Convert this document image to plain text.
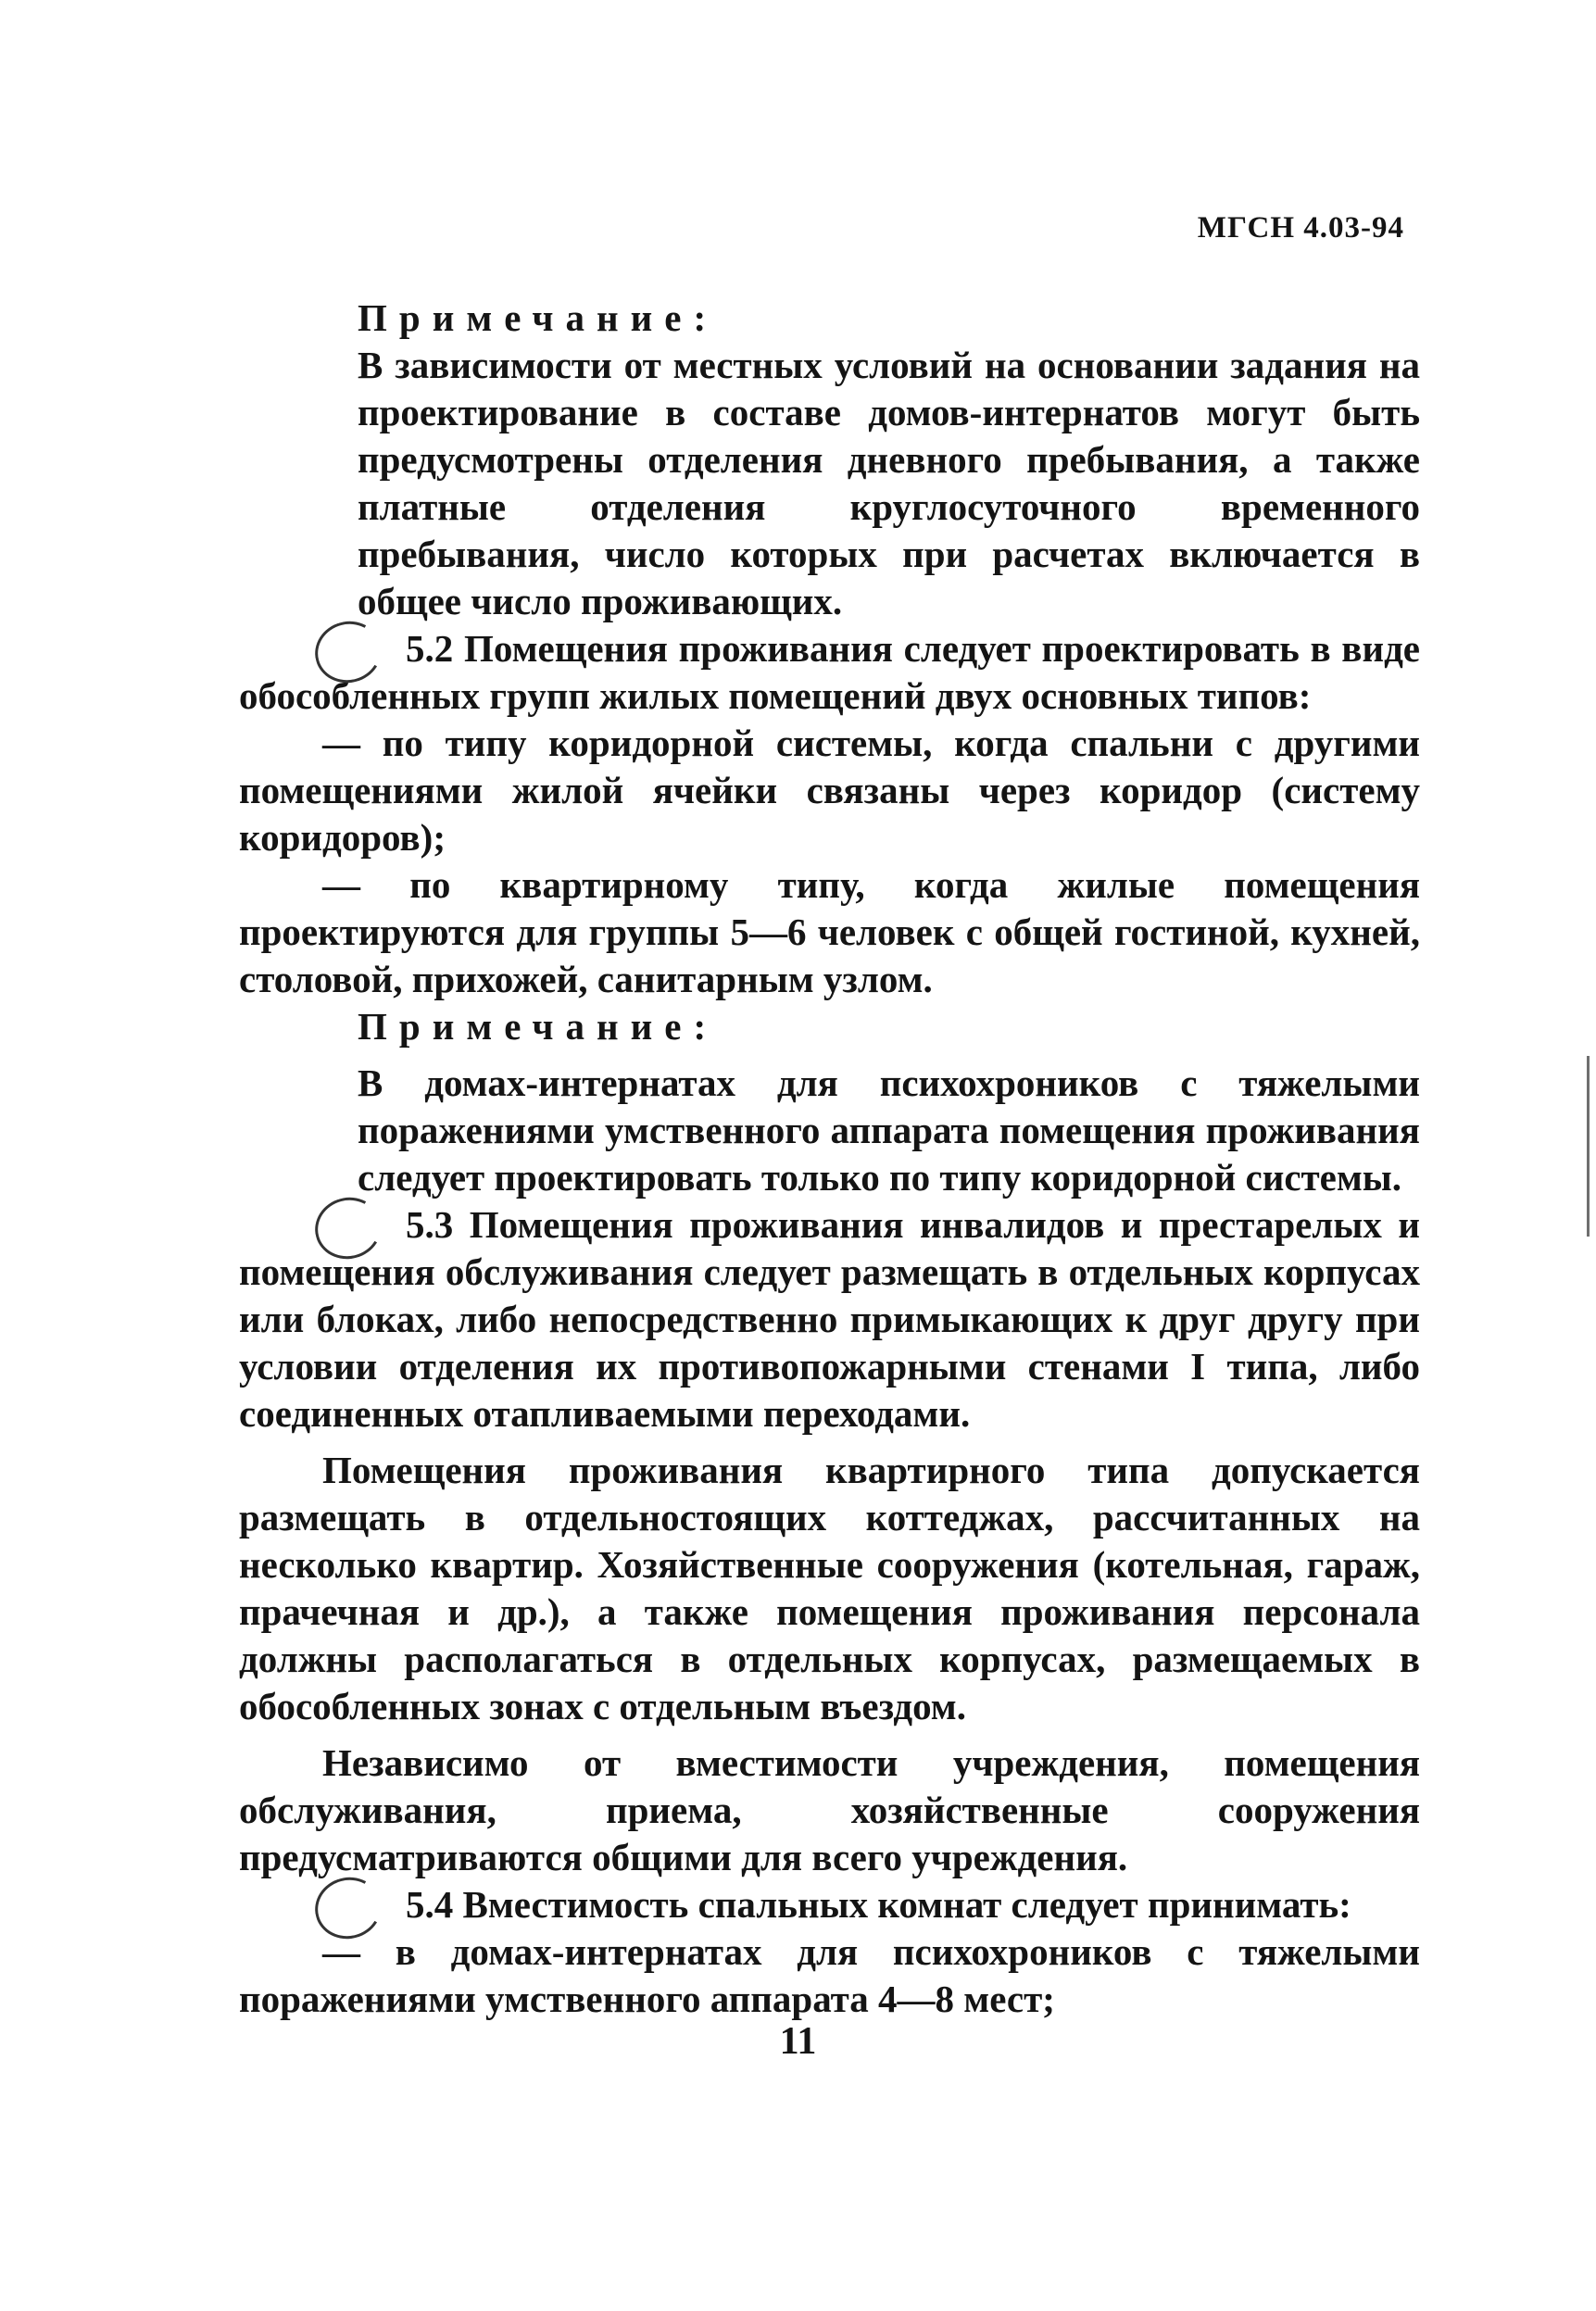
МГСН 4.03-94

Примечание:

В зависимости от местных условий на основании задания на проектирование в составе домов-интернатов могут быть предусмотрены отделения дневного пребывания, а также платные отделения круглосуточного временного пребывания, число которых при расчетах включается в общее число проживающих.

5.2 Помещения проживания следует проектировать в виде обособленных групп жилых помещений двух основных типов:

— по типу коридорной системы, когда спальни с другими помещениями жилой ячейки связаны через коридор (систему коридоров);

— по квартирному типу, когда жилые помещения проектируются для группы 5—6 человек с общей гостиной, кухней, столовой, прихожей, санитарным узлом.

Примечание:

В домах-интернатах для психохроников с тяжелыми поражениями умственного аппарата помещения проживания следует проектировать только по типу коридорной системы.

5.3 Помещения проживания инвалидов и престарелых и помещения обслуживания следует размещать в отдельных корпусах или блоках, либо непосредственно примыкающих к друг другу при условии отделения их противопожарными стенами I типа, либо соединенных отапливаемыми переходами.

Помещения проживания квартирного типа допускается размещать в отдельностоящих коттеджах, рассчитанных на несколько квартир. Хозяйственные сооружения (котельная, гараж, прачечная и др.), а также помещения проживания персонала должны располагаться в отдельных корпусах, размещаемых в обособленных зонах с отдельным въездом.

Независимо от вместимости учреждения, помещения обслуживания, приема, хозяйственные сооружения предусматриваются общими для всего учреждения.

5.4 Вместимость спальных комнат следует принимать:

— в домах-интернатах для психохроников с тяжелыми поражениями умственного аппарата 4—8 мест;

11
